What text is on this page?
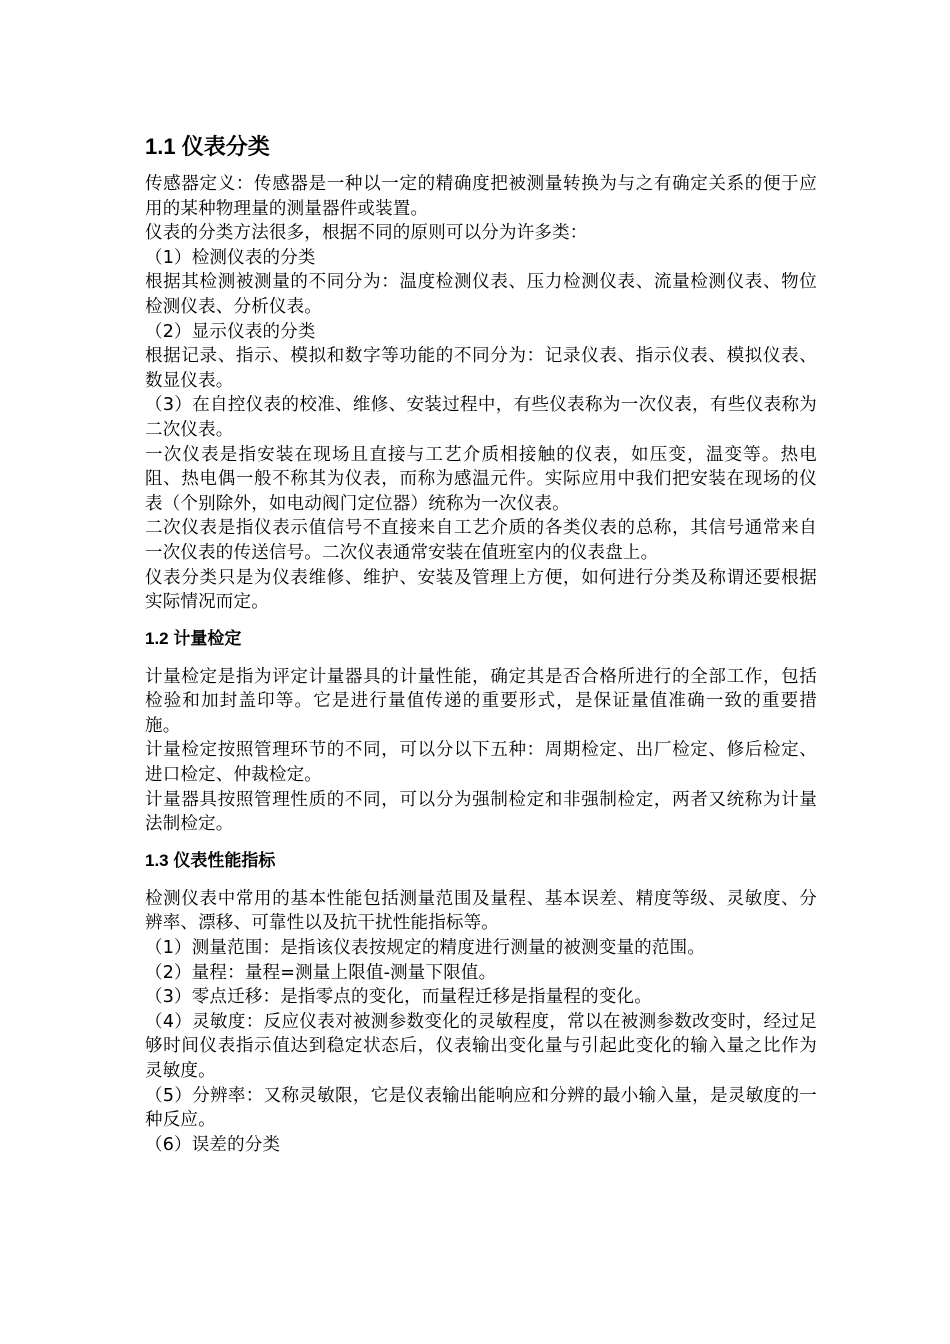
1.1 仪表分类

传感器定义：传感器是一种以一定的精确度把被测量转换为与之有确定关系的便于应用的某种物理量的测量器件或装置。

仪表的分类方法很多，根据不同的原则可以分为许多类：

（1）检测仪表的分类

根据其检测被测量的不同分为：温度检测仪表、压力检测仪表、流量检测仪表、物位检测仪表、分析仪表。

（2）显示仪表的分类

根据记录、指示、模拟和数字等功能的不同分为：记录仪表、指示仪表、模拟仪表、数显仪表。

（3）在自控仪表的校准、维修、安装过程中，有些仪表称为一次仪表，有些仪表称为二次仪表。

一次仪表是指安装在现场且直接与工艺介质相接触的仪表，如压变，温变等。热电阻、热电偶一般不称其为仪表，而称为感温元件。实际应用中我们把安装在现场的仪表（个别除外，如电动阀门定位器）统称为一次仪表。

二次仪表是指仪表示值信号不直接来自工艺介质的各类仪表的总称，其信号通常来自一次仪表的传送信号。二次仪表通常安装在值班室内的仪表盘上。

仪表分类只是为仪表维修、维护、安装及管理上方便，如何进行分类及称谓还要根据实际情况而定。

1.2 计量检定

计量检定是指为评定计量器具的计量性能，确定其是否合格所进行的全部工作，包括检验和加封盖印等。它是进行量值传递的重要形式，是保证量值准确一致的重要措施。

计量检定按照管理环节的不同，可以分以下五种：周期检定、出厂检定、修后检定、进口检定、仲裁检定。

计量器具按照管理性质的不同，可以分为强制检定和非强制检定，两者又统称为计量法制检定。

1.3 仪表性能指标

检测仪表中常用的基本性能包括测量范围及量程、基本误差、精度等级、灵敏度、分辨率、漂移、可靠性以及抗干扰性能指标等。

（1）测量范围：是指该仪表按规定的精度进行测量的被测变量的范围。

（2）量程：量程=测量上限值-测量下限值。

（3）零点迁移：是指零点的变化，而量程迁移是指量程的变化。

（4）灵敏度：反应仪表对被测参数变化的灵敏程度，常以在被测参数改变时，经过足够时间仪表指示值达到稳定状态后，仪表输出变化量与引起此变化的输入量之比作为灵敏度。

（5）分辨率：又称灵敏限，它是仪表输出能响应和分辨的最小输入量，是灵敏度的一种反应。

（6）误差的分类
